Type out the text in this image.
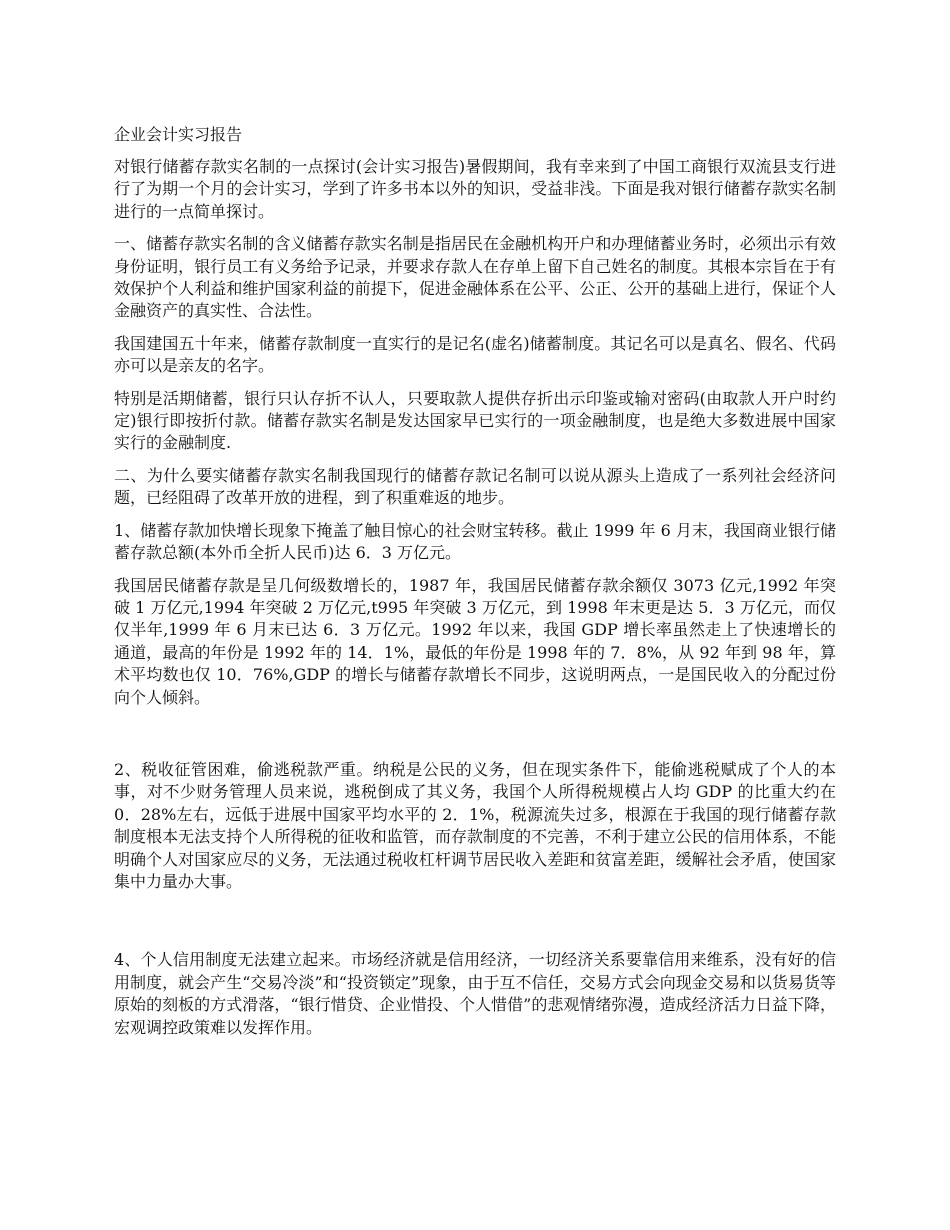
企业会计实习报告

对银行储蓄存款实名制的一点探讨(会计实习报告)暑假期间，我有幸来到了中国工商银行双流县支行进行了为期一个月的会计实习，学到了许多书本以外的知识，受益非浅。下面是我对银行储蓄存款实名制进行的一点简单探讨。

一、储蓄存款实名制的含义储蓄存款实名制是指居民在金融机构开户和办理储蓄业务时，必须出示有效身份证明，银行员工有义务给予记录，并要求存款人在存单上留下自己姓名的制度。其根本宗旨在于有效保护个人利益和维护国家利益的前提下，促进金融体系在公平、公正、公开的基础上进行，保证个人金融资产的真实性、合法性。

我国建国五十年来，储蓄存款制度一直实行的是记名(虚名)储蓄制度。其记名可以是真名、假名、代码亦可以是亲友的名字。

特别是活期储蓄，银行只认存折不认人，只要取款人提供存折出示印鉴或输对密码(由取款人开户时约定)银行即按折付款。储蓄存款实名制是发达国家早已实行的一项金融制度，也是绝大多数进展中国家实行的金融制度.

二、为什么要实储蓄存款实名制我国现行的储蓄存款记名制可以说从源头上造成了一系列社会经济问题，已经阻碍了改革开放的进程，到了积重难返的地步。

1、储蓄存款加快增长现象下掩盖了触目惊心的社会财宝转移。截止 1999 年 6 月末，我国商业银行储蓄存款总额(本外币全折人民币)达 6．3 万亿元。

我国居民储蓄存款是呈几何级数增长的，1987 年，我国居民储蓄存款余额仅 3073 亿元,1992 年突破 1 万亿元,1994 年突破 2 万亿元,t995 年突破 3 万亿元，到 1998 年末更是达 5．3 万亿元，而仅仅半年,1999 年 6 月末已达 6．3 万亿元。1992 年以来，我国 GDP 增长率虽然走上了快速增长的通道，最高的年份是 1992 年的 14．1%，最低的年份是 1998 年的 7．8%，从 92 年到 98 年，算术平均数也仅 10．76%,GDP 的增长与储蓄存款增长不同步，这说明两点，一是国民收入的分配过份向个人倾斜。

2、税收征管困难，偷逃税款严重。纳税是公民的义务，但在现实条件下，能偷逃税赋成了个人的本事，对不少财务管理人员来说，逃税倒成了其义务，我国个人所得税规模占人均 GDP 的比重大约在 0．28%左右，远低于进展中国家平均水平的 2．1%，税源流失过多，根源在于我国的现行储蓄存款制度根本无法支持个人所得税的征收和监管，而存款制度的不完善，不利于建立公民的信用体系，不能明确个人对国家应尽的义务，无法通过税收杠杆调节居民收入差距和贫富差距，缓解社会矛盾，使国家集中力量办大事。

4、个人信用制度无法建立起来。市场经济就是信用经济，一切经济关系要靠信用来维系，没有好的信用制度，就会产生“交易冷淡”和“投资锁定”现象，由于互不信任，交易方式会向现金交易和以货易货等原始的刻板的方式滑落，“银行惜贷、企业惜投、个人惜借”的悲观情绪弥漫，造成经济活力日益下降，宏观调控政策难以发挥作用。
